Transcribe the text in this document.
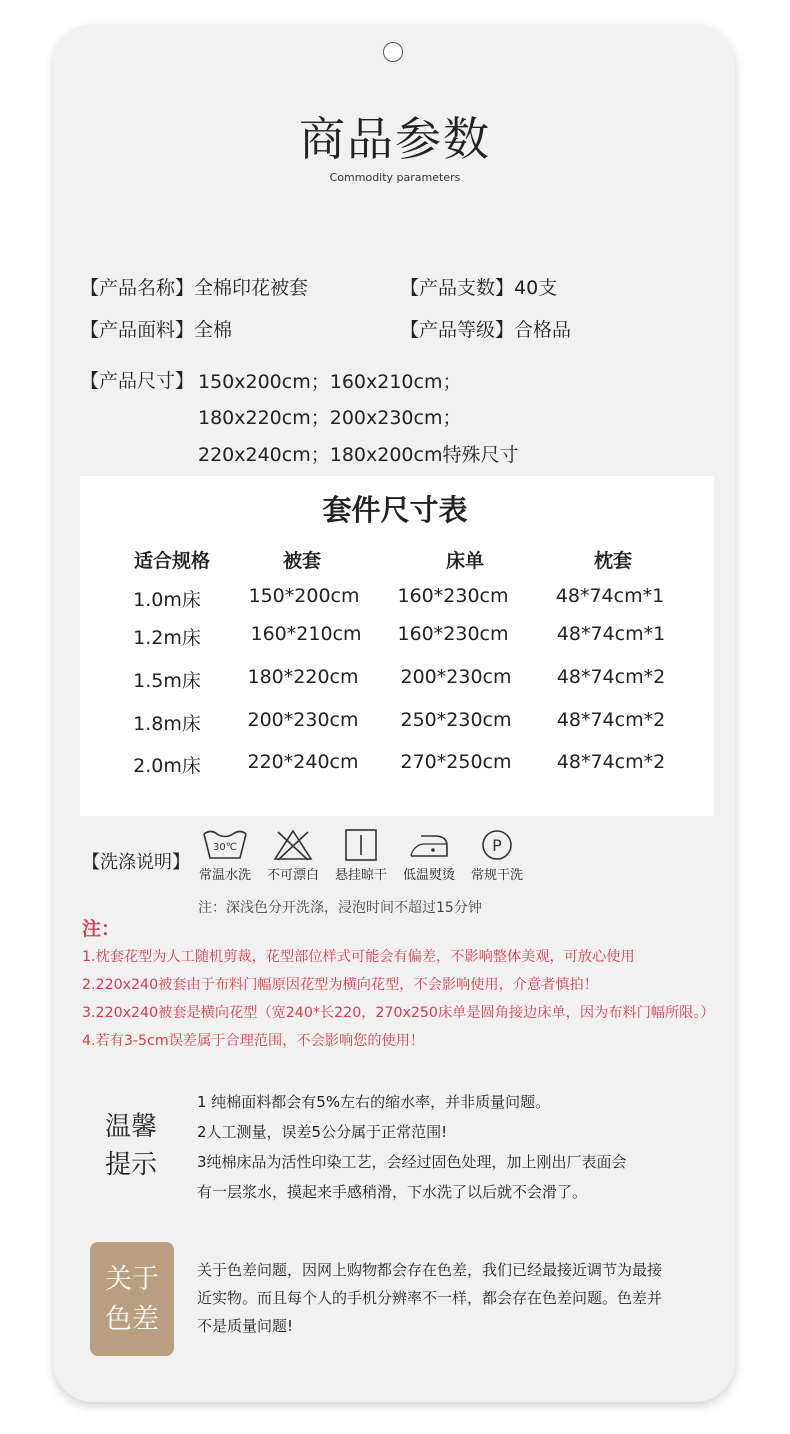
商品参数
Commodity parameters
【产品名称】全棉印花被套	【产品支数】40支
【产品面料】全棉	【产品等级】合格品
【产品尺寸】 150x200cm；160x210cm；
180x220cm；200x230cm；
220x240cm；180x200cm特殊尺寸
套件尺寸表
适合规格	被套	床单	枕套
1.0m床	150*200cm	160*230cm	48*74cm*1
1.2m床	160*210cm	160*230cm	48*74cm*1
1.5m床	180*220cm	200*230cm	48*74cm*2
1.8m床	200*230cm	250*230cm	48*74cm*2
2.0m床	220*240cm	270*250cm	48*74cm*2
【洗涤说明】
30℃
常温水洗	不可漂白	悬挂晾干	低温熨烫
P
常规干洗
注：深浅色分开洗涤，浸泡时间不超过15分钟
注：
1.枕套花型为人工随机剪裁，花型部位样式可能会有偏差，不影响整体美观，可放心使用
2.220x240被套由于布料门幅原因花型为横向花型，不会影响使用，介意者慎拍！
3.220x240被套是横向花型（宽240*长220，270x250床单是圆角接边床单，因为布料门幅所限。）
4.若有3-5cm误差属于合理范围，不会影响您的使用！
温馨
提示
1 纯棉面料都会有5%左右的缩水率，并非质量问题。
2人工测量，误差5公分属于正常范围!
3纯棉床品为活性印染工艺，会经过固色处理，加上刚出厂表面会
有一层浆水，摸起来手感稍滑，下水洗了以后就不会滑了。
关于
色差
关于色差问题，因网上购物都会存在色差，我们已经最接近调节为最接
近实物。而且每个人的手机分辨率不一样，都会存在色差问题。色差并
不是质量问题!
